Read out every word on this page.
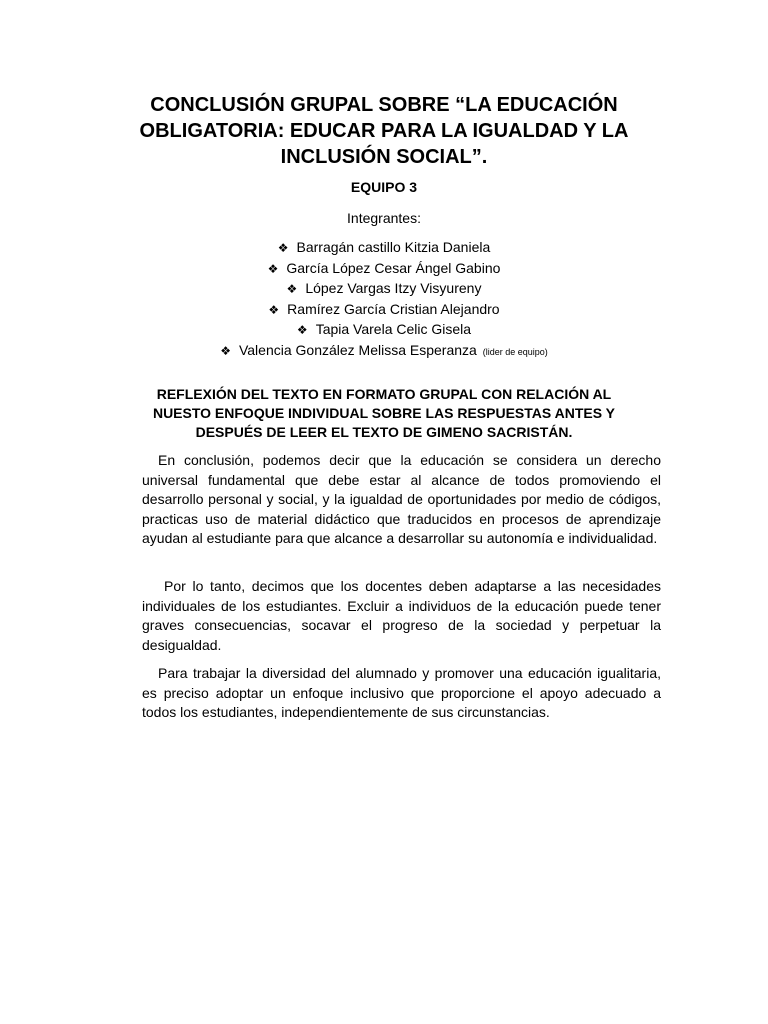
CONCLUSIÓN GRUPAL SOBRE “LA EDUCACIÓN OBLIGATORIA: EDUCAR PARA LA IGUALDAD Y LA INCLUSIÓN SOCIAL”.
EQUIPO 3
Integrantes:
❖ Barragán castillo Kitzia Daniela
❖ García López Cesar Ángel Gabino
❖ López Vargas Itzy Visyureny
❖ Ramírez García Cristian Alejandro
❖ Tapia Varela Celic Gisela
❖ Valencia González Melissa Esperanza (lider de equipo)
REFLEXIÓN DEL TEXTO EN FORMATO GRUPAL CON RELACIÓN AL NUESTO ENFOQUE INDIVIDUAL SOBRE LAS RESPUESTAS ANTES Y DESPUÉS DE LEER EL TEXTO DE GIMENO SACRISTÁN.

En conclusión, podemos decir que la educación se considera un derecho universal fundamental que debe estar al alcance de todos promoviendo el desarrollo personal y social, y la igualdad de oportunidades por medio de códigos, practicas uso de material didáctico que traducidos en procesos de aprendizaje ayudan al estudiante para que alcance a desarrollar su autonomía e individualidad.

Por lo tanto, decimos que los docentes deben adaptarse a las necesidades individuales de los estudiantes. Excluir a individuos de la educación puede tener graves consecuencias, socavar el progreso de la sociedad y perpetuar la desigualdad.

Para trabajar la diversidad del alumnado y promover una educación igualitaria, es preciso adoptar un enfoque inclusivo que proporcione el apoyo adecuado a todos los estudiantes, independientemente de sus circunstancias.
